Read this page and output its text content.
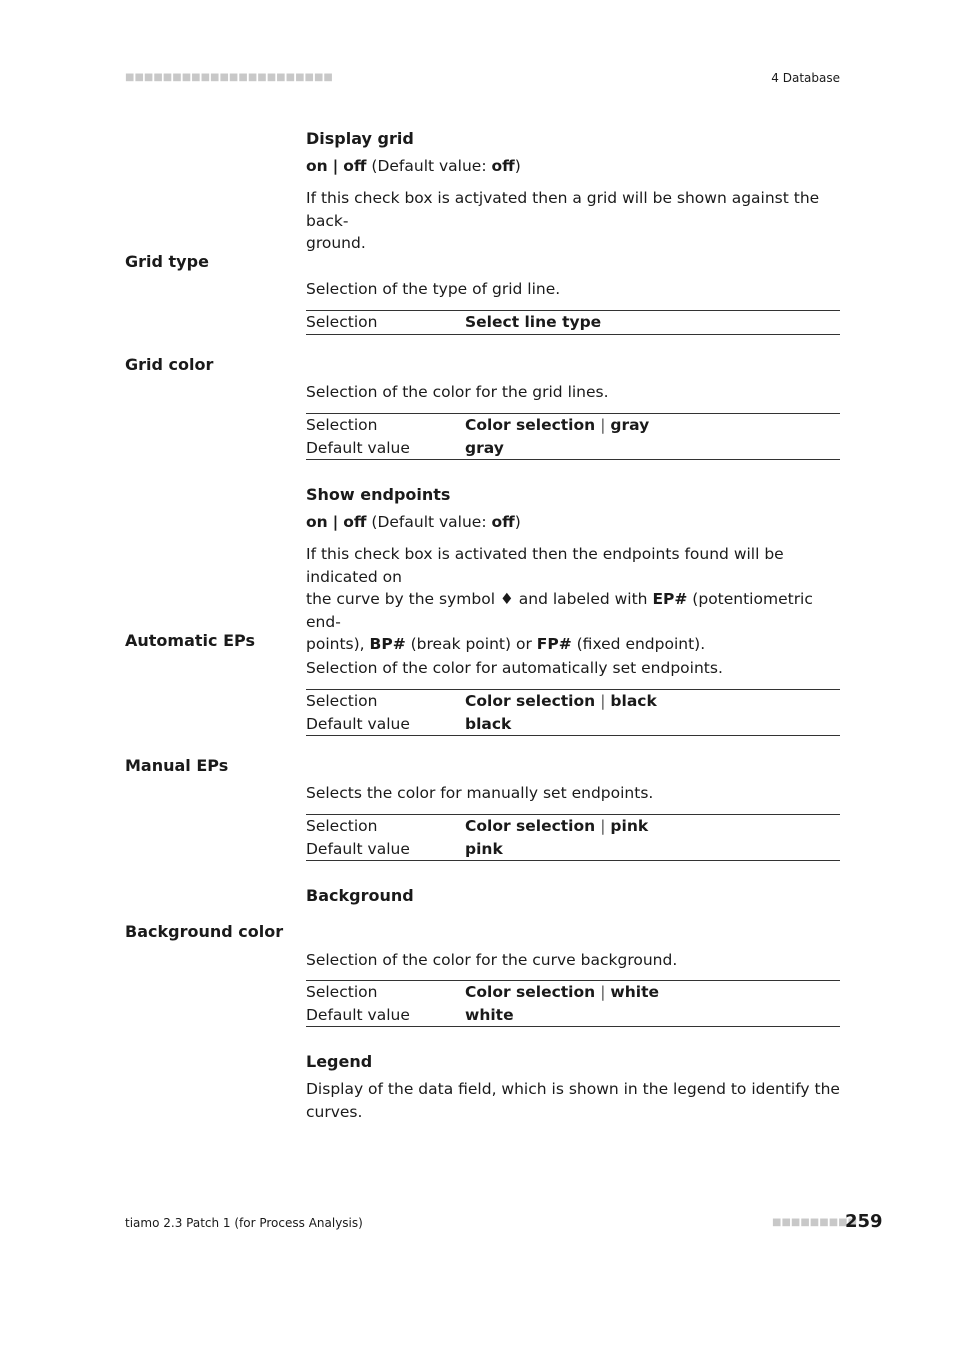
■■■■■■■■■■■■■■■■■■■■■■	4 Database
Display grid
on | off (Default value: off)
If this check box is actjvated then a grid will be shown against the back-
ground.
Grid type
Selection of the type of grid line.
Selection	Select line type
Grid color
Selection of the color for the grid lines.
Selection	Color selection | gray
Default value	gray
Show endpoints
on | off (Default value: off)
If this check box is activated then the endpoints found will be indicated on
the curve by the symbol ♦ and labeled with EP# (potentiometric end-
points), BP# (break point) or FP# (fixed endpoint).
Automatic EPs
Selection of the color for automatically set endpoints.
Selection	Color selection | black
Default value	black
Manual EPs
Selects the color for manually set endpoints.
Selection	Color selection | pink
Default value	pink
Background
Background color
Selection of the color for the curve background.
Selection	Color selection | white
Default value	white
Legend
Display of the data field, which is shown in the legend to identify the
curves.
tiamo 2.3 Patch 1 (for Process Analysis)	■■■■■■■■■
259
